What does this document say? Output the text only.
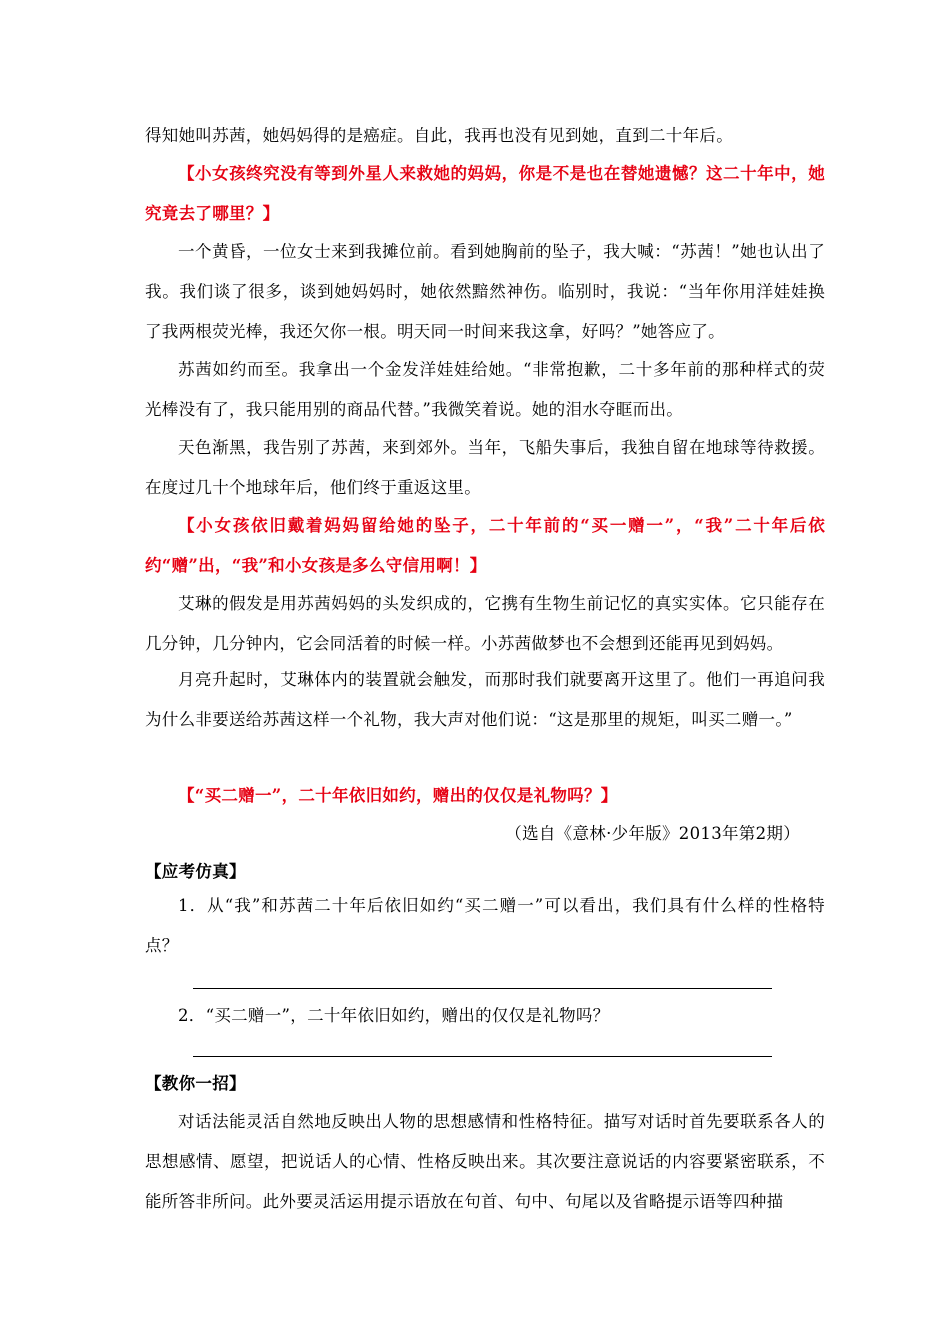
得知她叫苏茜，她妈妈得的是癌症。自此，我再也没有见到她，直到二十年后。
【小女孩终究没有等到外星人来救她的妈妈，你是不是也在替她遗憾？这二十年中，她究竟去了哪里？】
一个黄昏，一位女士来到我摊位前。看到她胸前的坠子，我大喊：“苏茜！”她也认出了我。我们谈了很多，谈到她妈妈时，她依然黯然神伤。临别时，我说：“当年你用洋娃娃换了我两根荧光棒，我还欠你一根。明天同一时间来我这拿，好吗？”她答应了。
苏茜如约而至。我拿出一个金发洋娃娃给她。“非常抱歉，二十多年前的那种样式的荧光棒没有了，我只能用别的商品代替。”我微笑着说。她的泪水夺眶而出。
天色渐黑，我告别了苏茜，来到郊外。当年，飞船失事后，我独自留在地球等待救援。在度过几十个地球年后，他们终于重返这里。
【小女孩依旧戴着妈妈留给她的坠子，二十年前的“买一赠一”，“我”二十年后依约“赠”出，“我”和小女孩是多么守信用啊！】
艾琳的假发是用苏茜妈妈的头发织成的，它携有生物生前记忆的真实实体。它只能存在几分钟，几分钟内，它会同活着的时候一样。小苏茜做梦也不会想到还能再见到妈妈。
月亮升起时，艾琳体内的装置就会触发，而那时我们就要离开这里了。他们一再追问我为什么非要送给苏茜这样一个礼物，我大声对他们说：“这是那里的规矩，叫买二赠一。”
【“买二赠一”，二十年依旧如约，赠出的仅仅是礼物吗？】
（选自《意林·少年版》2013年第2期）
【应考仿真】
1．从“我”和苏茜二十年后依旧如约“买二赠一”可以看出，我们具有什么样的性格特点？
2．“买二赠一”，二十年依旧如约，赠出的仅仅是礼物吗？
【教你一招】
对话法能灵活自然地反映出人物的思想感情和性格特征。描写对话时首先要联系各人的思想感情、愿望，把说话人的心情、性格反映出来。其次要注意说话的内容要紧密联系，不能所答非所问。此外要灵活运用提示语放在句首、句中、句尾以及省略提示语等四种描
